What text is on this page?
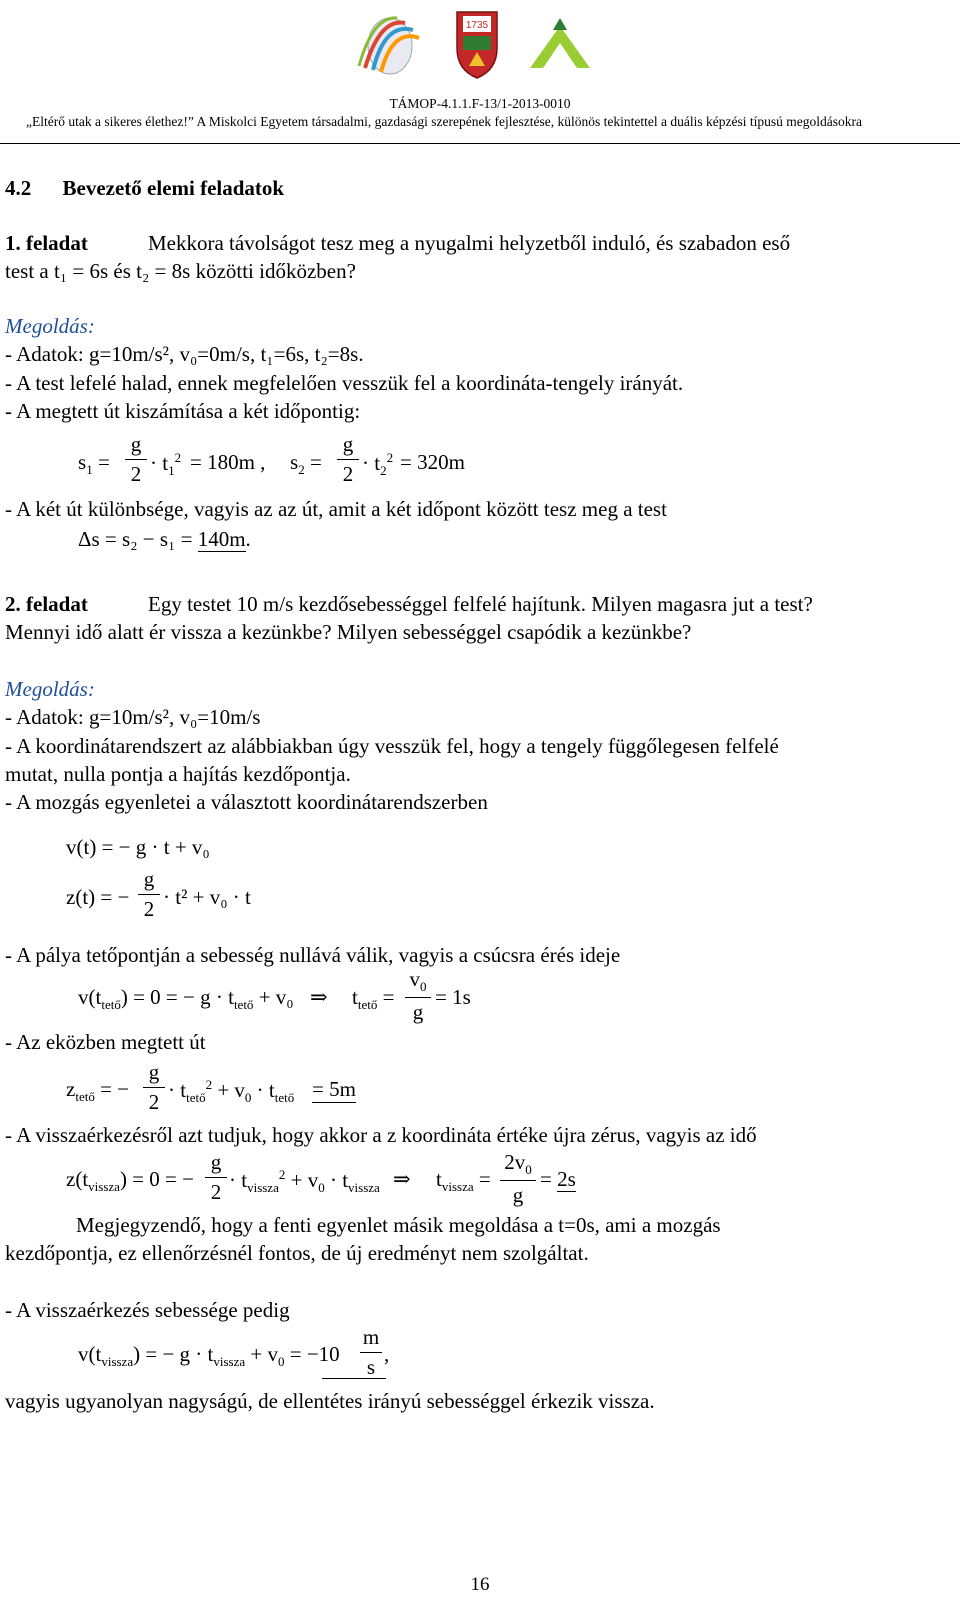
1735
TÁMOP-4.1.1.F-13/1-2013-0010
„Eltérő utak a sikeres élethez!” A Miskolci Egyetem társadalmi, gazdasági szerepének fejlesztése, különös tekintettel a duális képzési típusú megoldásokra
4.2 Bevezető elemi feladatok
1. feladat	Mekkora távolságot tesz meg a nyugalmi helyzetből induló, és szabadon eső
test a t₁ = 6s és t₂ = 8s közötti időközben?
Megoldás:
- Adatok: g=10m/s², v₀=0m/s, t₁=6s, t₂=8s.
- A test lefelé halad, ennek megfelelően vesszük fel a koordináta-tengely irányát.
- A megtett út kiszámítása a két időpontig:
$s_1$ =
g
$2 \cdot t_1^2 = 180m$ , $s_2$ =
g
$2 \cdot t_2^2 = 320m$
- A két út különbsége, vagyis az az út, amit a két időpont között tesz meg a test
Δs = s₂ − s₁ = 140m.
2. feladat	Egy testet 10 m/s kezdősebességgel felfelé hajítunk. Milyen magasra jut a test?
Mennyi idő alatt ér vissza a kezünkbe? Milyen sebességgel csapódik a kezünkbe?
Megoldás:
- Adatok: g=10m/s², v₀=10m/s
- A koordinátarendszert az alábbiakban úgy vesszük fel, hogy a tengely függőlegesen felfelé
mutat, nulla pontja a hajítás kezdőpontja.
- A mozgás egyenletei a választott koordinátarendszerben
v(t) = − g · t + v₀
z(t) = −
g
2 · t² + v₀ · t
- A pálya tetőpontján a sebesség nullává válik, vagyis a csúcsra érés ideje
$v(t_{tető}) = 0$ = − $g \cdot t_{tető} + v_0$ ⇒ $t_{tető}$ =
$v_0$
g
= 1s
- Az eközben megtett út
$z_{tető}$ = −
g
$2 \cdot t_{tető}^2 + v_0 \cdot t_{tető} = 5m$
- A visszaérkezésről azt tudjuk, hogy akkor a z koordináta értéke újra zérus, vagyis az idő
$z(t_{vissza}) = 0$ = −
g
$2 \cdot t_{vissza}^2 + v_0 \cdot t_{vissza}$ ⇒ $t_{vissza}$ =
$2v_0$
g
= 2s
Megjegyzendő, hogy a fenti egyenlet másik megoldása a t=0s, ami a mozgás
kezdőpontja, ez ellenőrzésnél fontos, de új eredményt nem szolgáltat.
- A visszaérkezés sebessége pedig
$v(t_{vissza})$ = − $g \cdot t_{vissza} + v_0 = -10$
m
s
,
vagyis ugyanolyan nagyságú, de ellentétes irányú sebességgel érkezik vissza.
16
